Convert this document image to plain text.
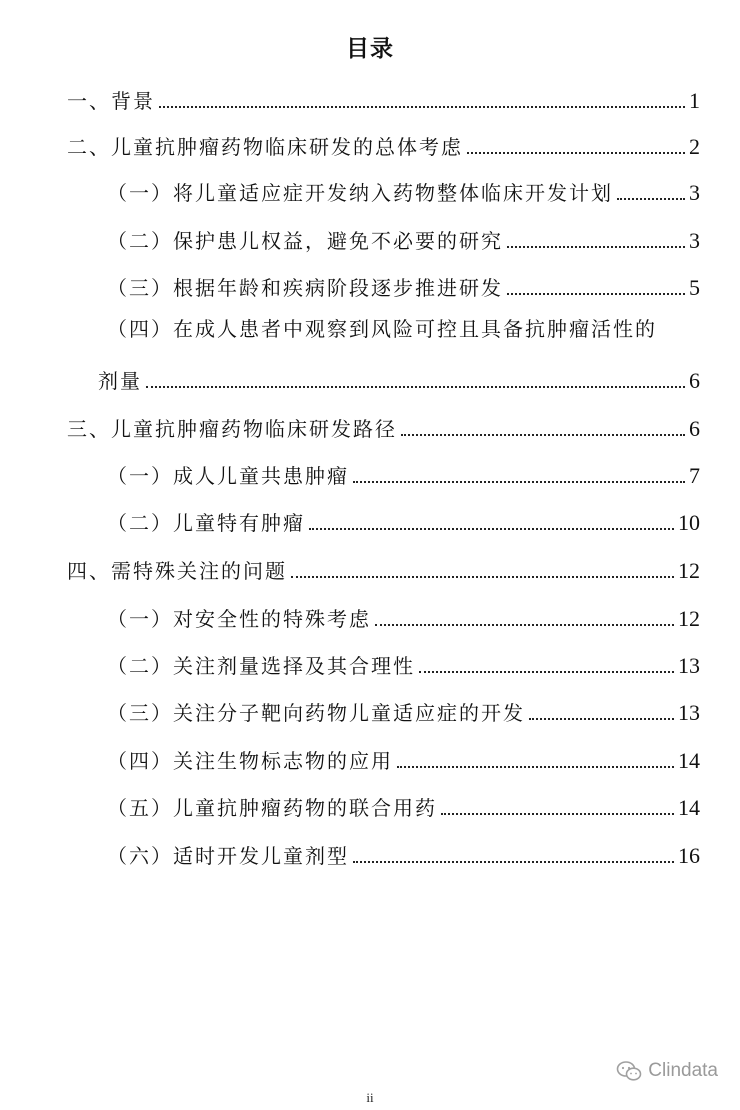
目录
一、背景	1
二、儿童抗肿瘤药物临床研发的总体考虑	2
（一）将儿童适应症开发纳入药物整体临床开发计划	3
（二）保护患儿权益，避免不必要的研究	3
（三）根据年龄和疾病阶段逐步推进研发	5
（四）在成人患者中观察到风险可控且具备抗肿瘤活性的
剂量	6
三、儿童抗肿瘤药物临床研发路径	6
（一）成人儿童共患肿瘤	7
（二）儿童特有肿瘤	10
四、需特殊关注的问题	12
（一）对安全性的特殊考虑	12
（二）关注剂量选择及其合理性	13
（三）关注分子靶向药物儿童适应症的开发	13
（四）关注生物标志物的应用	14
（五）儿童抗肿瘤药物的联合用药	14
（六）适时开发儿童剂型	16
Clindata
ii
